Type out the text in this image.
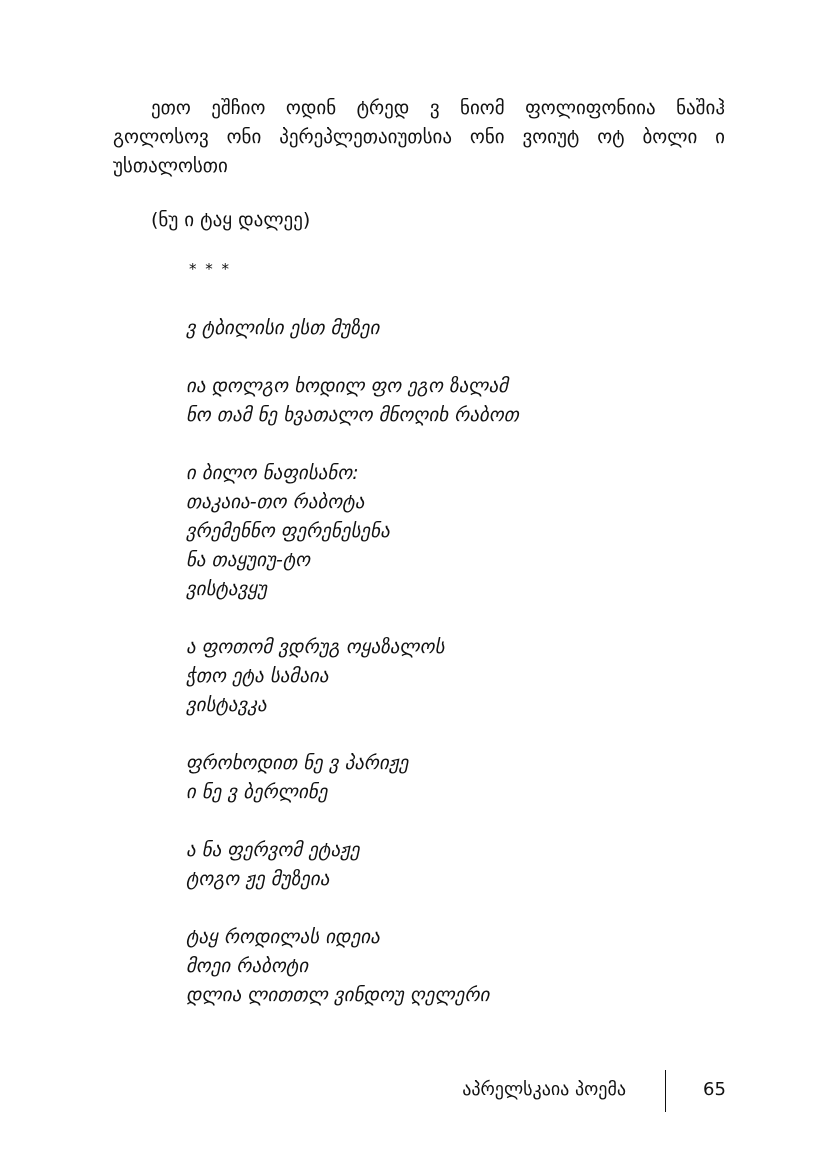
ეთო ეშჩიო ოდინ ტრედ ვ ნიომ ფოლიფონიია ნაშიჰ გოლოსოვ ონი პერეპლეთაიუთსია ონი ვოიუტ ოტ ბოლი ი უსთალოსთი

(ნუ ი ტაყ დალეე)

* * *

ვ ტბილისი ესთ მუზეი
ია დოლგო ხოდილ ფო ეგო ზალამ
ნო თამ ნე ხვათალო მნოღიხ რაბოთ
ი ბილო ნაფისანო:
თაკაია-თო რაბოტა
ვრემენნო ფერენესენა
ნა თაყუიუ-ტო
ვისტავყუ
ა ფოთომ ვდრუგ ოყაზალოს
ჭთო ეტა სამაია
ვისტავკა
ფროხოდით ნე ვ პარიჟე
ი ნე ვ ბერლინე
ა ნა ფერვომ ეტაჟე
ტოგო ჟე მუზეია
ტაყ როდილას იდეია
მოეი რაბოტი
დლია ლითთლ ვინდოუ ღელერი
აპრელსკაია პოემა	65
